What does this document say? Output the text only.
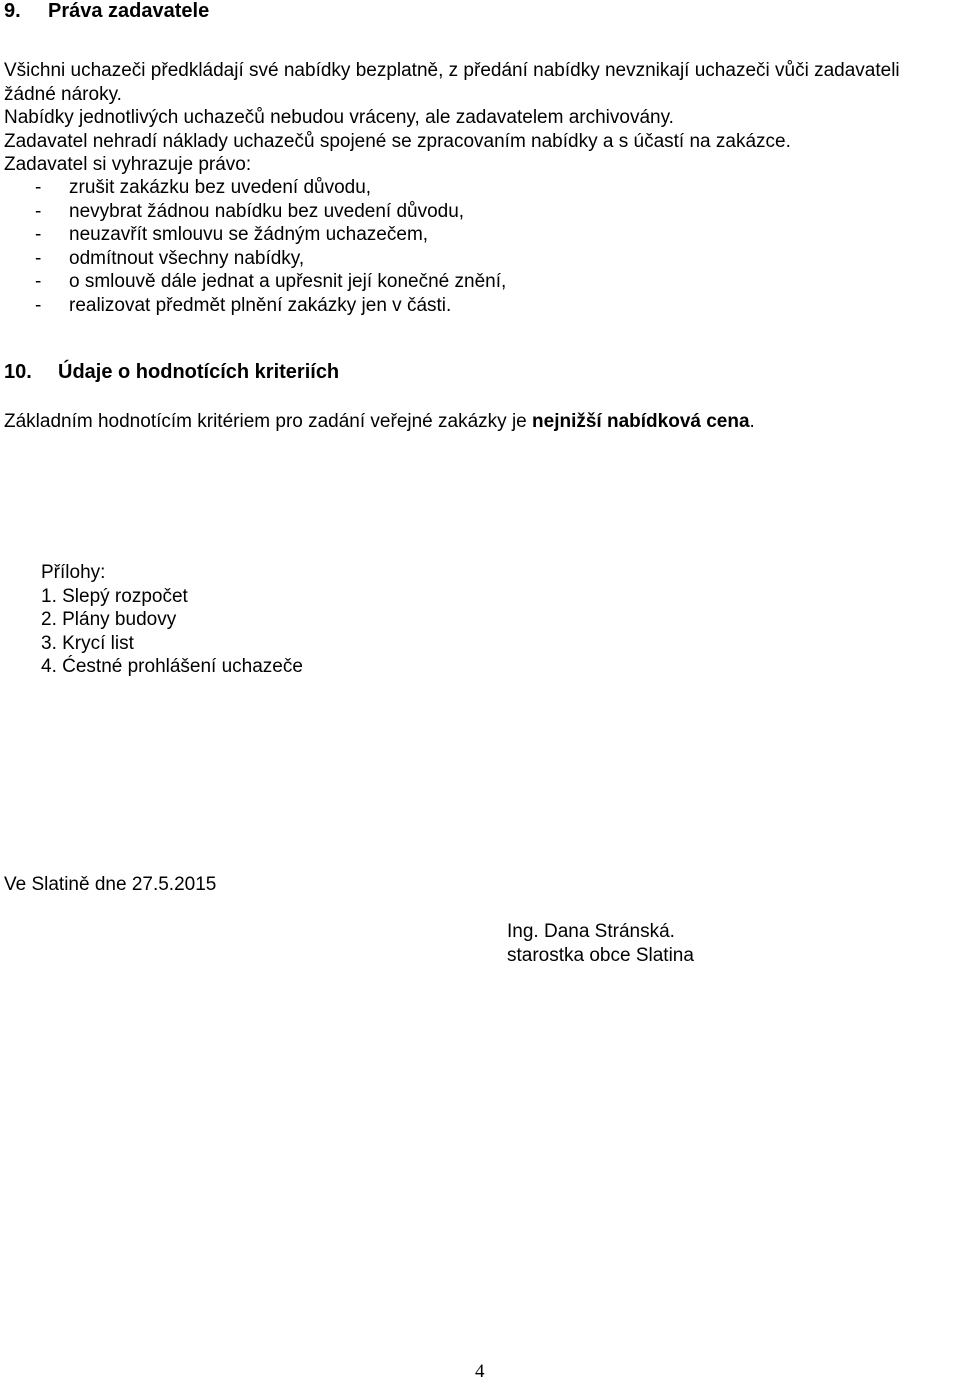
9. Práva zadavatele
Všichni uchazeči předkládají své nabídky bezplatně, z předání nabídky nevznikají uchazeči vůči zadavateli
žádné nároky.
Nabídky jednotlivých uchazečů nebudou vráceny, ale zadavatelem archivovány.
Zadavatel nehradí náklady uchazečů spojené se zpracovaním nabídky a s účastí na zakázce.
Zadavatel si vyhrazuje právo:
- zrušit zakázku bez uvedení důvodu,
- nevybrat žádnou nabídku bez uvedení důvodu,
- neuzavřít smlouvu se žádným uchazečem,
- odmítnout všechny nabídky,
- o smlouvě dále jednat a upřesnit její konečné znění,
- realizovat předmět plnění zakázky jen v části.
10. Údaje o hodnotících kriteriích
Základním hodnotícím kritériem pro zadání veřejné zakázky je nejnižší nabídková cena.
Přílohy:
1. Slepý rozpočet
2. Plány budovy
3. Krycí list
4. Ćestné prohlášení uchazeče
Ve Slatině dne 27.5.2015
Ing. Dana Stránská.
starostka obce Slatina
4
